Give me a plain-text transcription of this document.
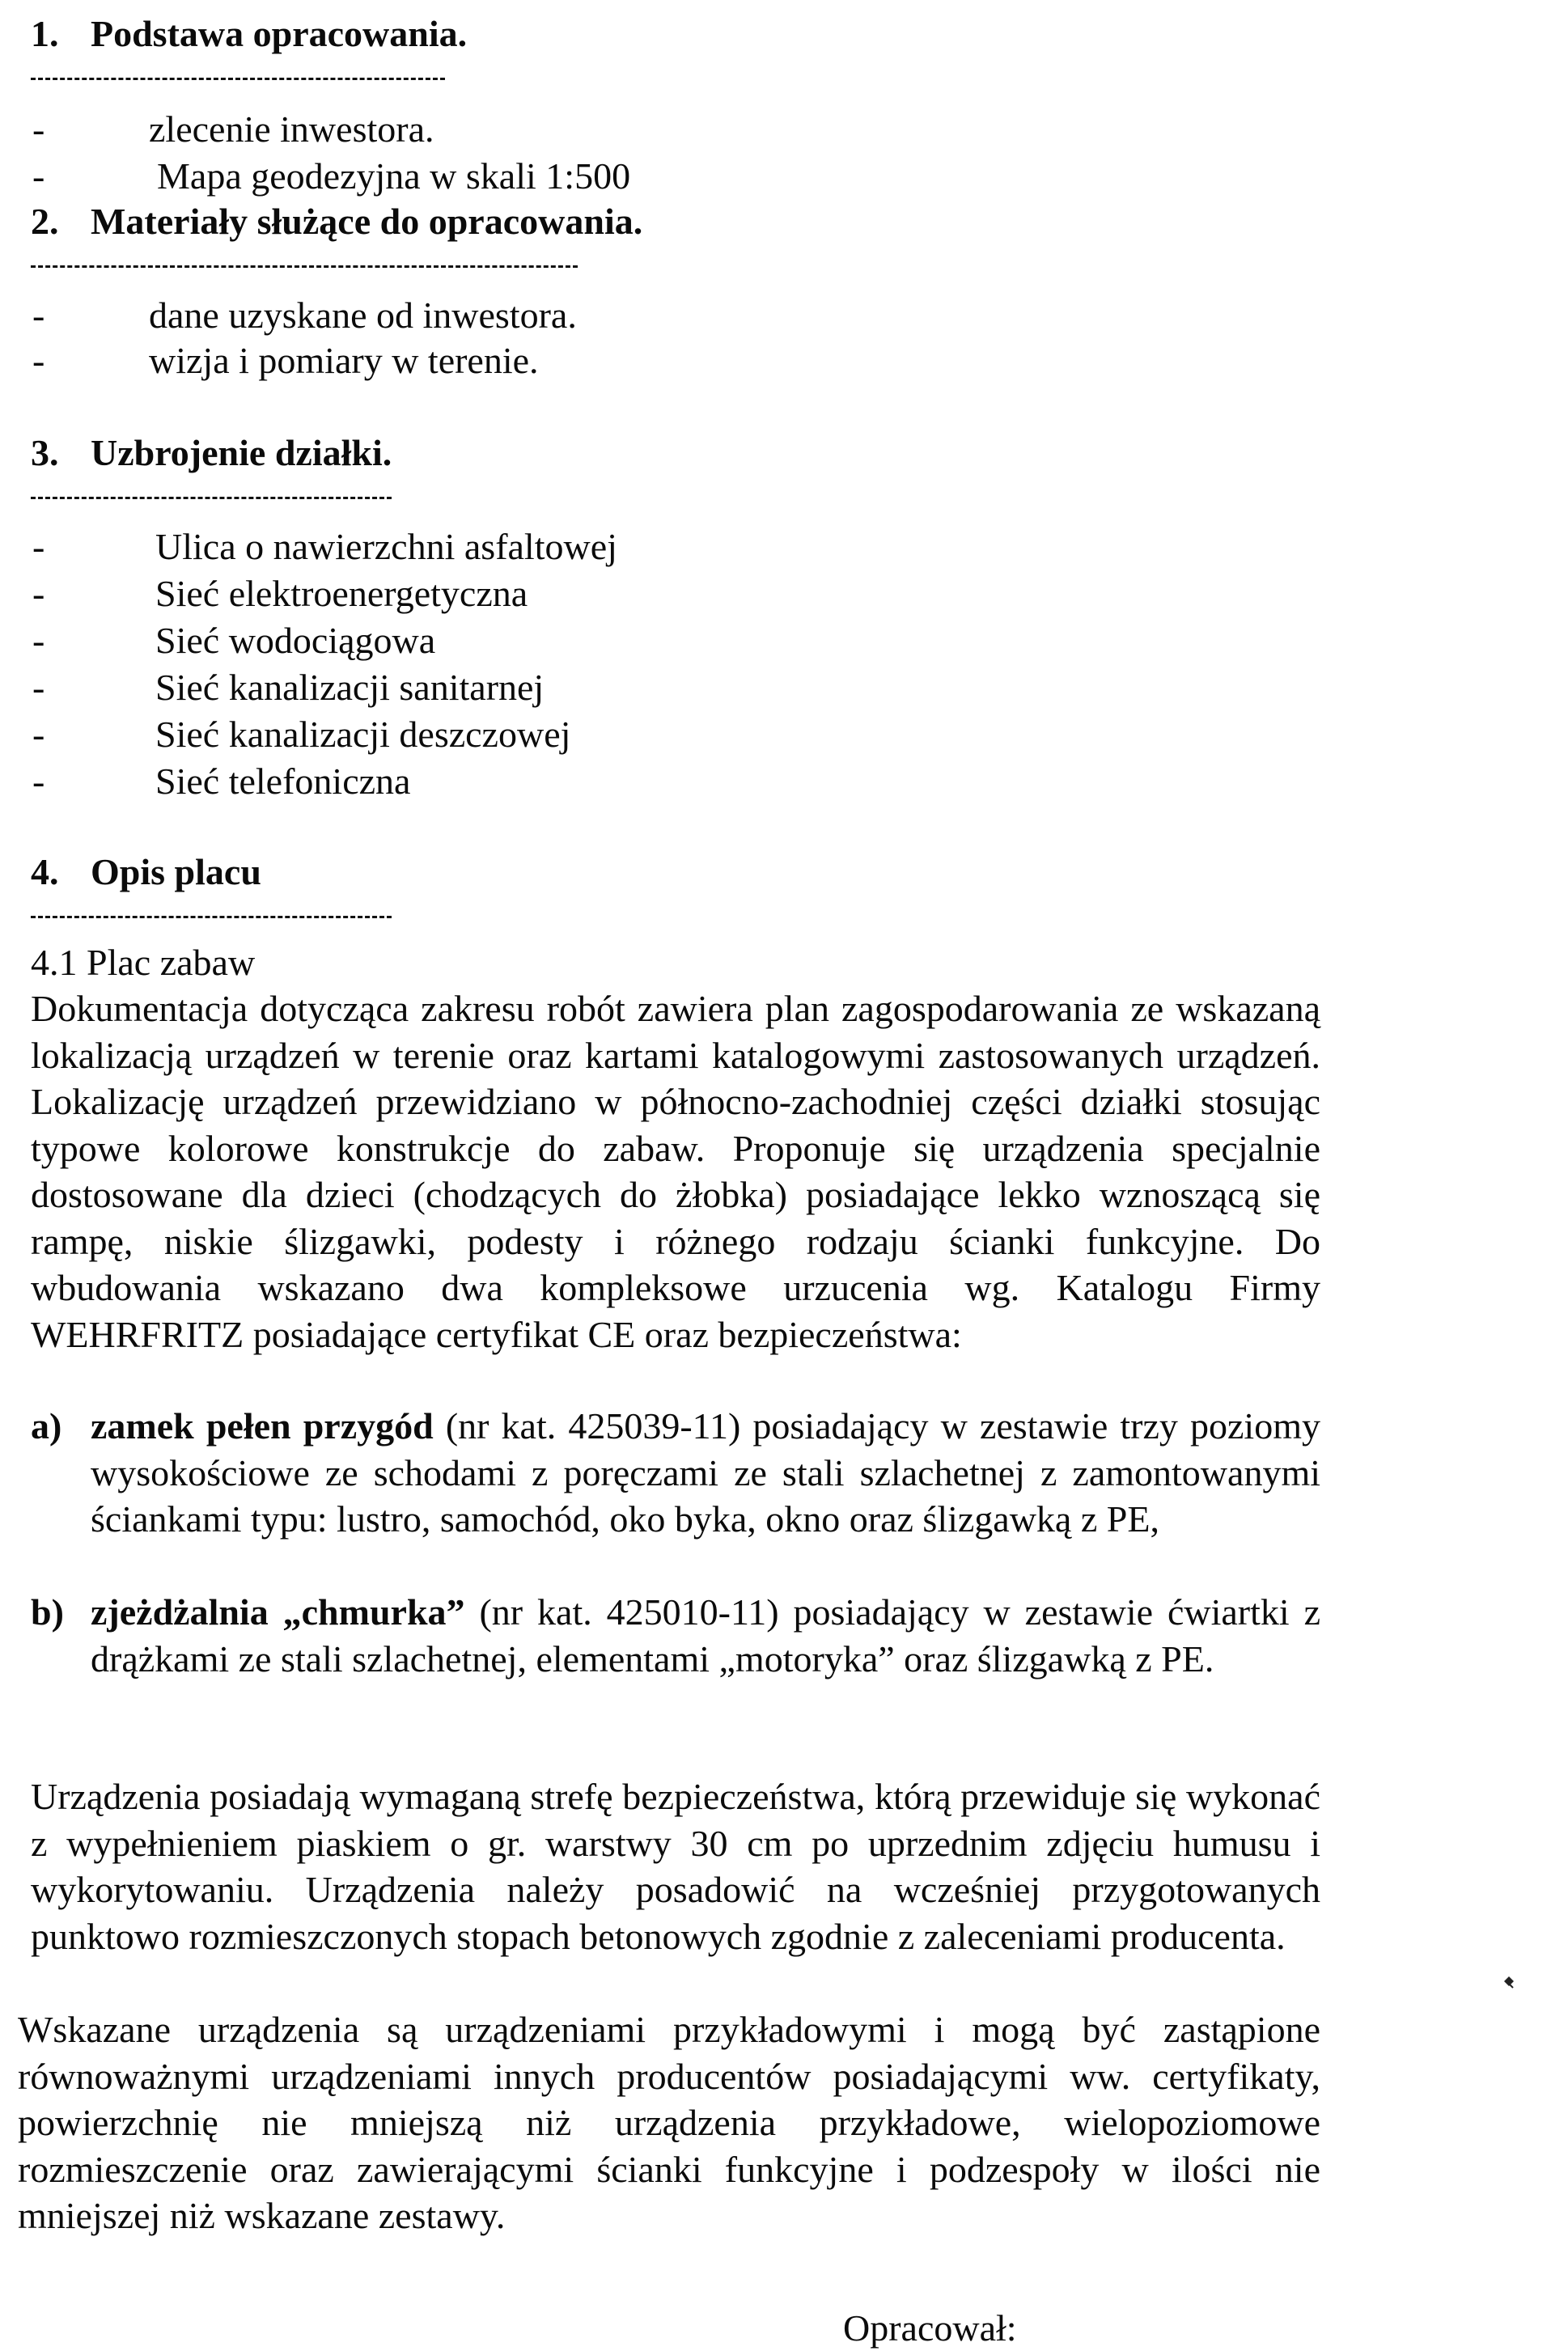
1. Podstawa opracowania.
-	zlecenie inwestora.
-	Mapa geodezyjna w skali 1:500
2. Materiały służące do opracowania.
-	dane uzyskane od inwestora.
-	wizja i pomiary w terenie.
3. Uzbrojenie działki.
-	Ulica o nawierzchni asfaltowej
-	Sieć elektroenergetyczna
-	Sieć wodociągowa
-	Sieć kanalizacji sanitarnej
-	Sieć kanalizacji deszczowej
-	Sieć telefoniczna
4. Opis placu
4.1 Plac zabaw
Dokumentacja dotycząca zakresu robót zawiera plan zagospodarowania ze wskazaną lokalizacją urządzeń w terenie oraz kartami katalogowymi zastosowanych urządzeń. Lokalizację urządzeń przewidziano w północno-zachodniej części działki stosując typowe kolorowe konstrukcje do zabaw. Proponuje się urządzenia specjalnie dostosowane dla dzieci (chodzących do żłobka) posiadające lekko wznoszącą się rampę, niskie ślizgawki, podesty i różnego rodzaju ścianki funkcyjne. Do wbudowania wskazano dwa kompleksowe urzucenia wg. Katalogu Firmy WEHRFRITZ posiadające certyfikat CE oraz bezpieczeństwa:
a) zamek pełen przygód (nr kat. 425039-11) posiadający w zestawie trzy poziomy wysokościowe ze schodami z poręczami ze stali szlachetnej z zamontowanymi ściankami typu: lustro, samochód, oko byka, okno oraz ślizgawką z PE,
b) zjeżdżalnia „chmurka” (nr kat. 425010-11) posiadający w zestawie ćwiartki z drążkami ze stali szlachetnej, elementami „motoryka” oraz ślizgawką z PE.
Urządzenia posiadają wymaganą strefę bezpieczeństwa, którą przewiduje się wykonać z wypełnieniem piaskiem o gr. warstwy 30 cm po uprzednim zdjęciu humusu i wykorytowaniu. Urządzenia należy posadowić na wcześniej przygotowanych punktowo rozmieszczonych stopach betonowych zgodnie z zaleceniami producenta.
Wskazane urządzenia są urządzeniami przykładowymi i mogą być zastąpione równoważnymi urządzeniami innych producentów posiadającymi ww. certyfikaty, powierzchnię nie mniejszą niż urządzenia przykładowe, wielopoziomowe rozmieszczenie oraz zawierającymi ścianki funkcyjne i podzespoły w ilości nie mniejszej niż wskazane zestawy.
Opracował:
